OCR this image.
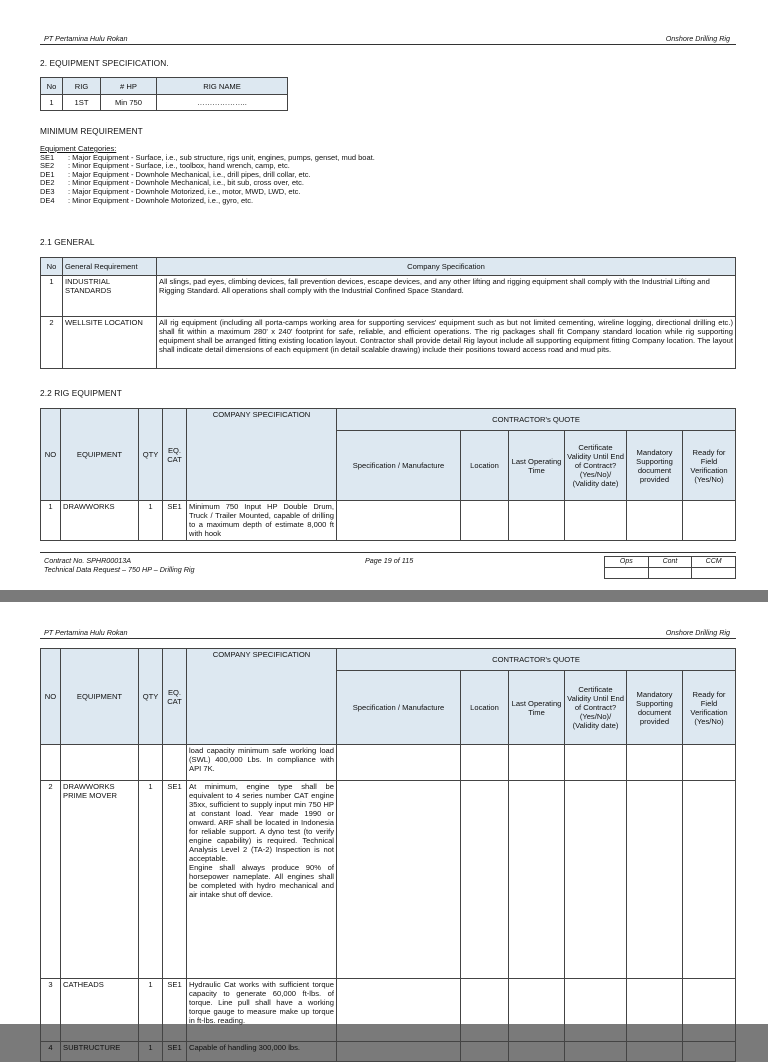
PT Pertamina Hulu Rokan	Onshore Drilling Rig
2. EQUIPMENT SPECIFICATION.
No	RIG	# HP	RIG NAME
1	1ST	Min 750	………………..
MINIMUM REQUIREMENT
Equipment Categories:
SE1 : Major Equipment - Surface, i.e., sub structure, rigs unit, engines, pumps, genset, mud boat.
SE2 : Minor Equipment - Surface, i.e., toolbox, hand wrench, camp, etc.
DE1 : Major Equipment - Downhole Mechanical, i.e., drill pipes, drill collar, etc.
DE2 : Minor Equipment - Downhole Mechanical, i.e., bit sub, cross over, etc.
DE3 : Major Equipment - Downhole Motorized, i.e., motor, MWD, LWD, etc.
DE4 : Minor Equipment - Downhole Motorized, i.e., gyro, etc.
2.1 GENERAL
No	General Requirement	Company Specification
1	INDUSTRIAL STANDARDS	All slings, pad eyes, climbing devices, fall prevention devices, escape devices, and any other lifting and rigging equipment shall comply with the Industrial Lifting and Rigging Standard. All operations shall comply with the Industrial Confined Space Standard.
2	WELLSITE LOCATION	All rig equipment (including all porta-camps working area for supporting services' equipment such as but not limited cementing, wireline logging, directional drilling etc.) shall fit within a maximum 280' x 240' footprint for safe, reliable, and efficient operations. The rig packages shall fit Company standard location while rig supporting equipment shall be arranged fitting existing location layout. Contractor shall provide detail Rig layout include all supporting equipment fitting Company location. The layout shall indicate detail dimensions of each equipment (in detail scalable drawing) include their positions toward access road and mud pits.
2.2 RIG EQUIPMENT
NO	EQUIPMENT	QTY	EQ. CAT	COMPANY SPECIFICATION	CONTRACTOR's QUOTE					
					Specification / Manufacture	Location	Last Operating Time	Certificate Validity Until End of Contract? (Yes/No)/ (Validity date)	Mandatory Supporting document provided	Ready for Field Verification (Yes/No)
1	DRAWWORKS	1	SE1	Minimum 750 Input HP Double Drum, Truck / Trailer Mounted, capable of drilling to a maximum depth of estimate 8,000 ft with hook						
Contract No. SPHR00013A
Technical Data Request – 750 HP – Drilling Rig
Page 19 of 115	Ops	Cont	CCM

PT Pertamina Hulu Rokan	Onshore Drilling Rig
NO	EQUIPMENT	QTY	EQ. CAT	COMPANY SPECIFICATION	CONTRACTOR's QUOTE					
					Specification / Manufacture	Location	Last Operating Time	Certificate Validity Until End of Contract? (Yes/No)/ (Validity date)	Mandatory Supporting document provided	Ready for Field Verification (Yes/No)
				load capacity minimum safe working load (SWL) 400,000 Lbs. In compliance with API 7K.						
2	DRAWWORKS PRIME MOVER	1	SE1	At minimum, engine type shall be equivalent to 4 series number CAT engine 35xx, sufficient to supply input min 750 HP at constant load. Year made 1990 or onward. ARF shall be located in Indonesia for reliable support. A dyno test (to verify engine capability) is required. Technical Analysis Level 2 (TA-2) Inspection is not acceptable.
Engine shall always produce 90% of horsepower nameplate. All engines shall be completed with hydro mechanical and air intake shut off device.						

3	CATHEADS	1	SE1	Hydraulic Cat works with sufficient torque capacity to generate 60,000 ft-lbs. of torque. Line pull shall have a working torque gauge to measure make up torque in ft-lbs. reading.						
4	SUBTRUCTURE	1	SE1	Capable of handling 300,000 lbs.						
